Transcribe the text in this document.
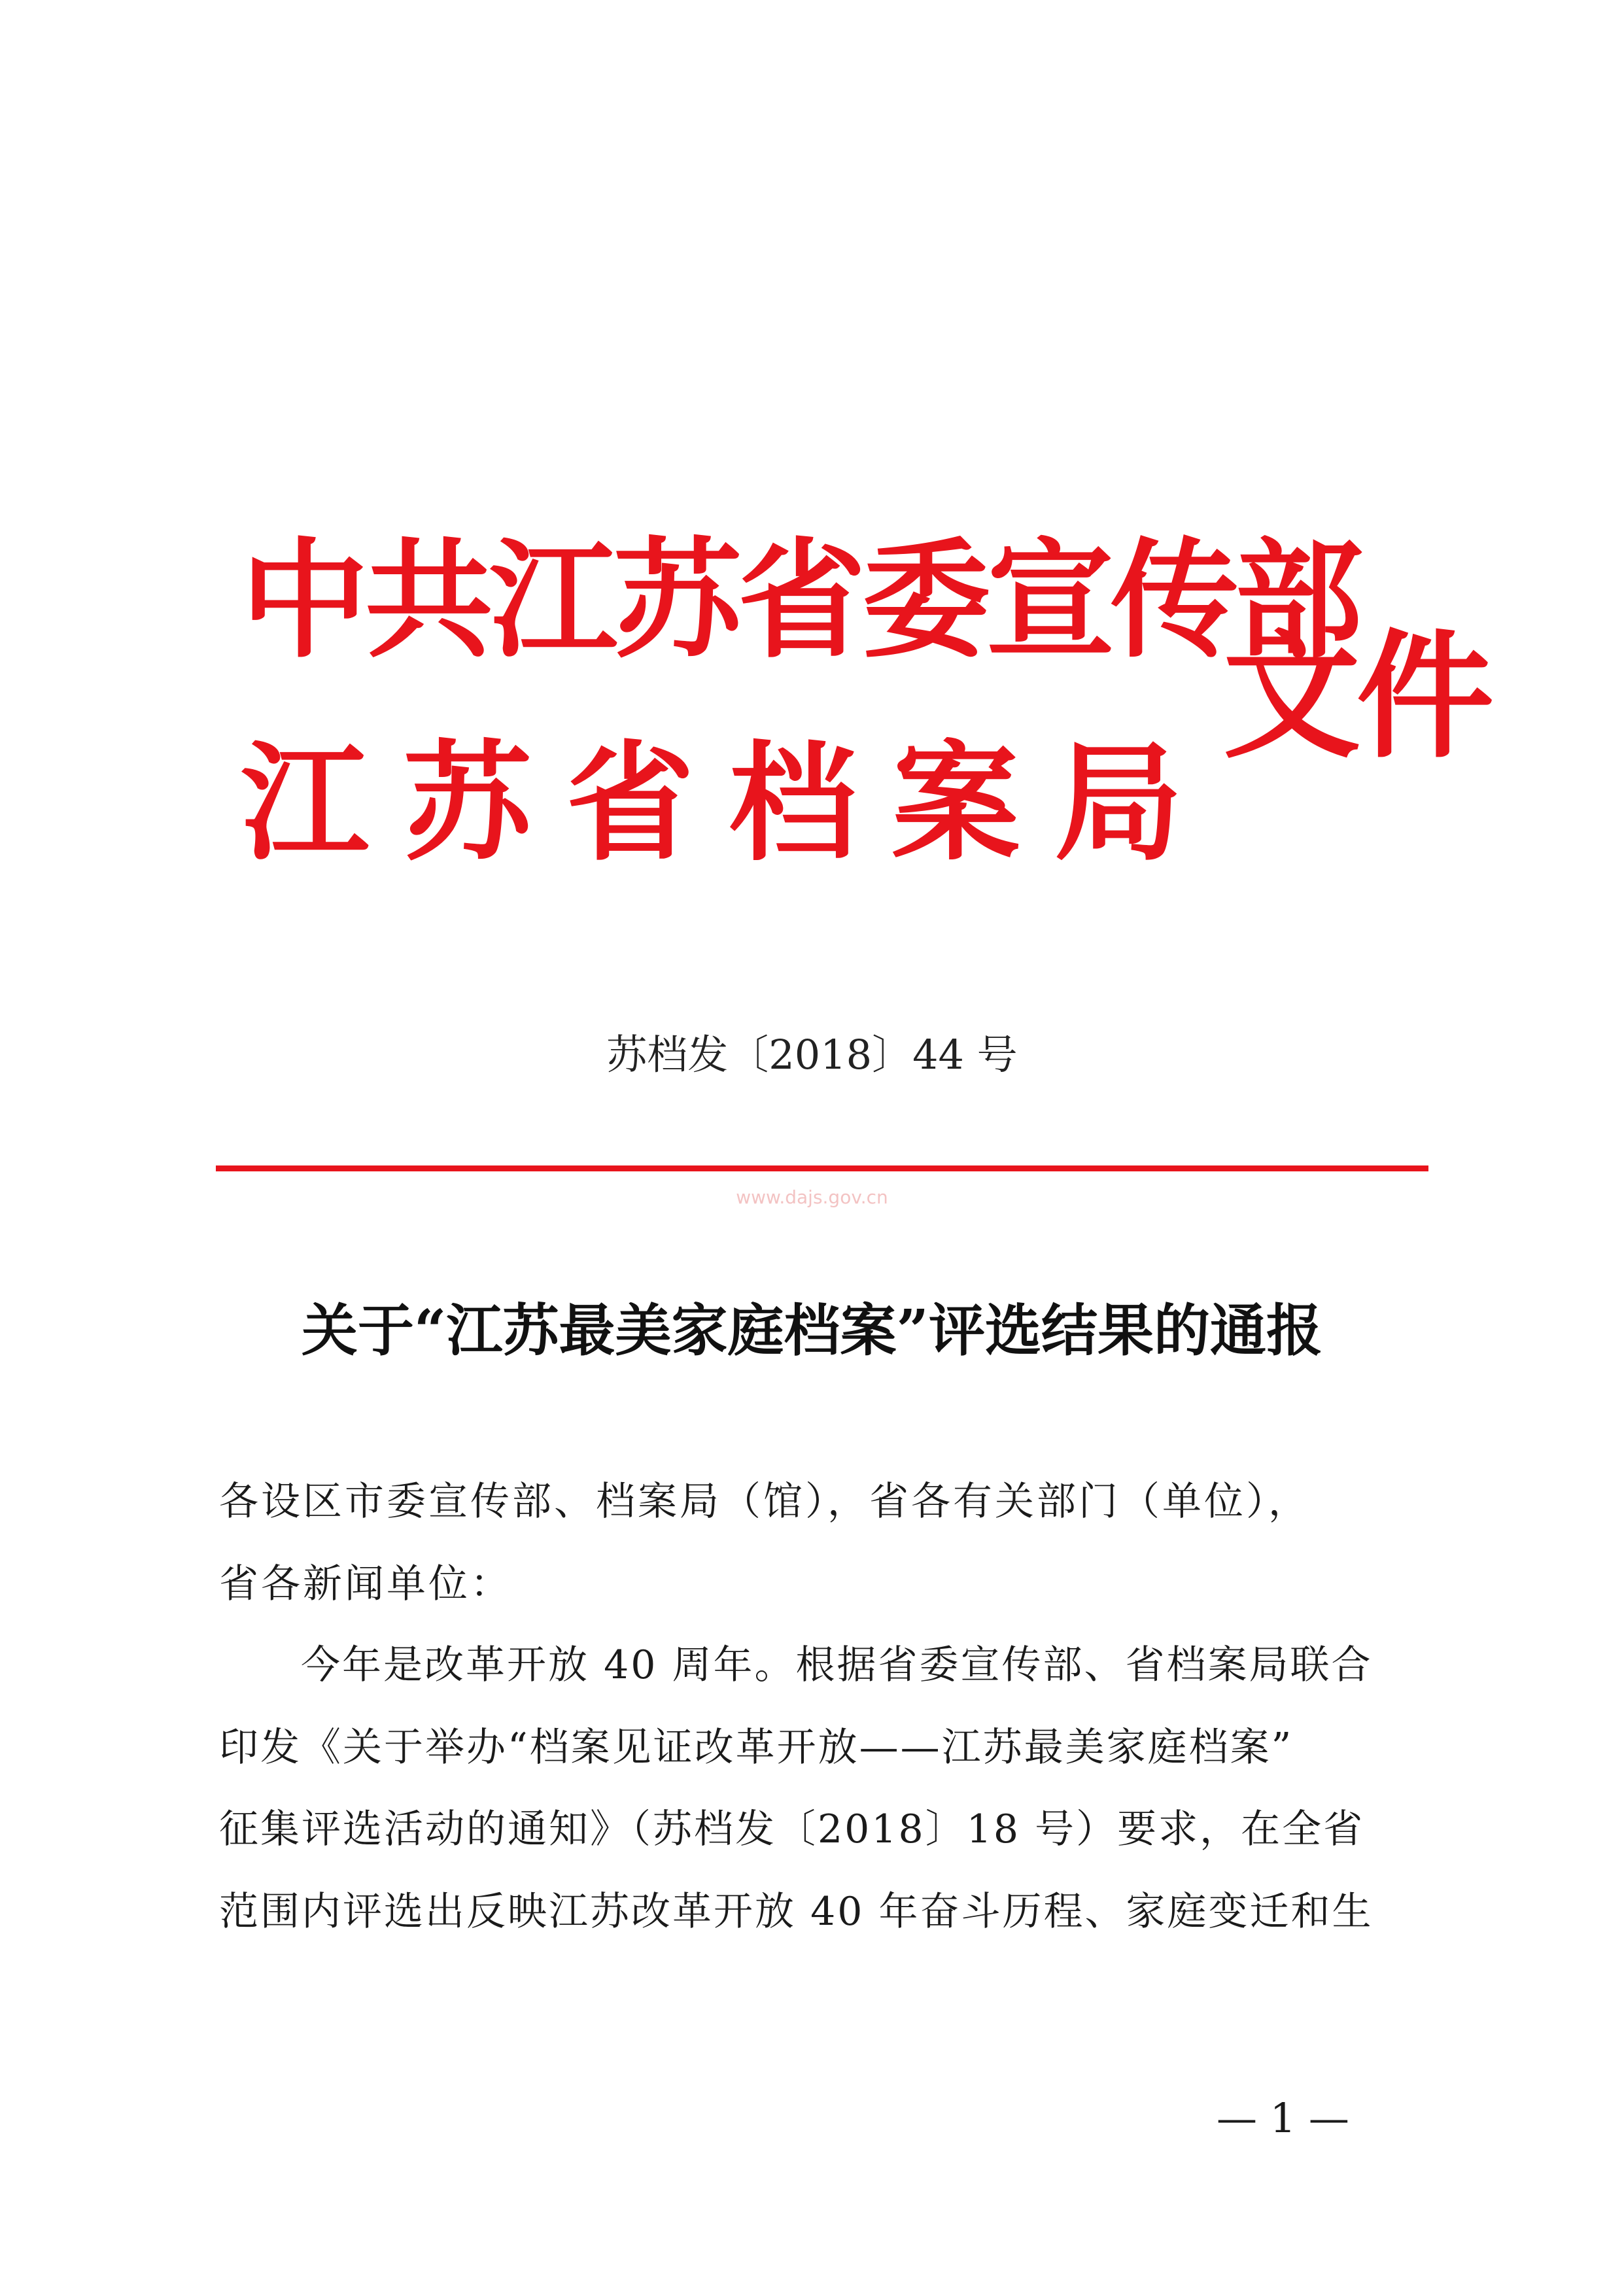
中共江苏省委宣传部
江 苏 省 档 案 局
文件
苏档发〔2018〕44 号
www.dajs.gov.cn
关于“江苏最美家庭档案”评选结果的通报
各设区市委宣传部、档案局（馆），省各有关部门（单位），
省各新闻单位：
今年是改革开放 40 周年。根据省委宣传部、省档案局联合
印发《关于举办“档案见证改革开放——江苏最美家庭档案”
征集评选活动的通知》（苏档发〔2018〕18 号）要求，在全省
范围内评选出反映江苏改革开放 40 年奋斗历程、家庭变迁和生
— 1 —
